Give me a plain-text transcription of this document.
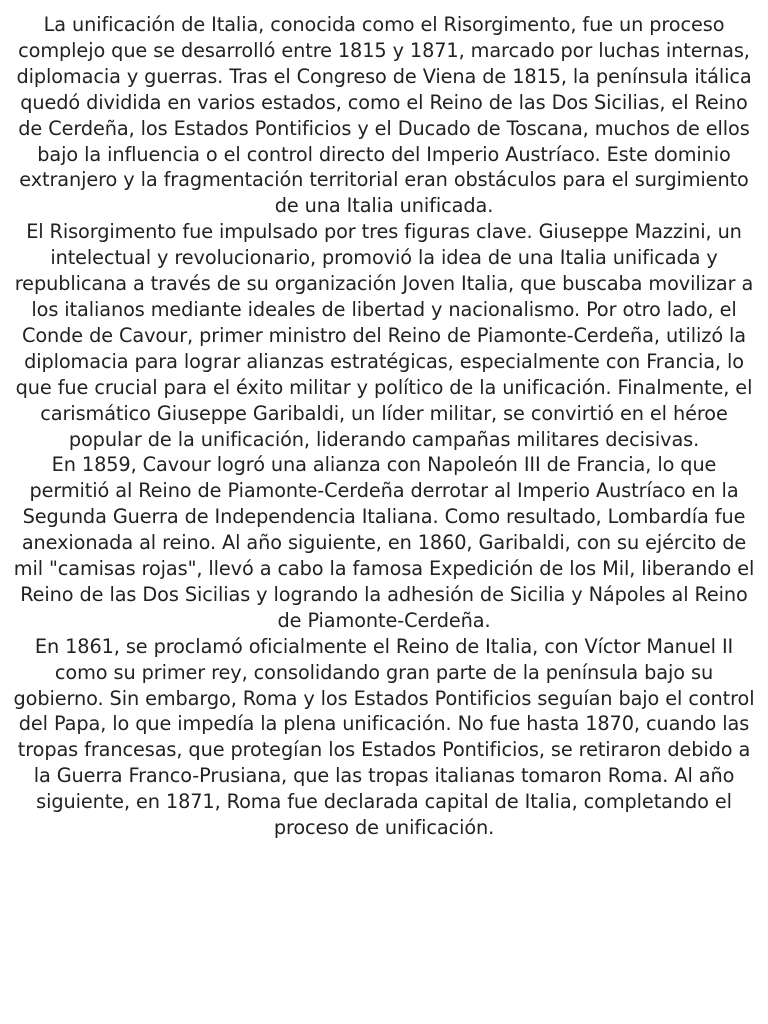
La unificación de Italia, conocida como el Risorgimento, fue un proceso complejo que se desarrolló entre 1815 y 1871, marcado por luchas internas, diplomacia y guerras. Tras el Congreso de Viena de 1815, la península itálica quedó dividida en varios estados, como el Reino de las Dos Sicilias, el Reino de Cerdeña, los Estados Pontificios y el Ducado de Toscana, muchos de ellos bajo la influencia o el control directo del Imperio Austríaco. Este dominio extranjero y la fragmentación territorial eran obstáculos para el surgimiento de una Italia unificada.

El Risorgimento fue impulsado por tres figuras clave. Giuseppe Mazzini, un intelectual y revolucionario, promovió la idea de una Italia unificada y republicana a través de su organización Joven Italia, que buscaba movilizar a los italianos mediante ideales de libertad y nacionalismo. Por otro lado, el Conde de Cavour, primer ministro del Reino de Piamonte-Cerdeña, utilizó la diplomacia para lograr alianzas estratégicas, especialmente con Francia, lo que fue crucial para el éxito militar y político de la unificación. Finalmente, el carismático Giuseppe Garibaldi, un líder militar, se convirtió en el héroe popular de la unificación, liderando campañas militares decisivas.

En 1859, Cavour logró una alianza con Napoleón III de Francia, lo que permitió al Reino de Piamonte-Cerdeña derrotar al Imperio Austríaco en la Segunda Guerra de Independencia Italiana. Como resultado, Lombardía fue anexionada al reino. Al año siguiente, en 1860, Garibaldi, con su ejército de mil "camisas rojas", llevó a cabo la famosa Expedición de los Mil, liberando el Reino de las Dos Sicilias y logrando la adhesión de Sicilia y Nápoles al Reino de Piamonte-Cerdeña.

En 1861, se proclamó oficialmente el Reino de Italia, con Víctor Manuel II como su primer rey, consolidando gran parte de la península bajo su gobierno. Sin embargo, Roma y los Estados Pontificios seguían bajo el control del Papa, lo que impedía la plena unificación. No fue hasta 1870, cuando las tropas francesas, que protegían los Estados Pontificios, se retiraron debido a la Guerra Franco-Prusiana, que las tropas italianas tomaron Roma. Al año siguiente, en 1871, Roma fue declarada capital de Italia, completando el proceso de unificación.
